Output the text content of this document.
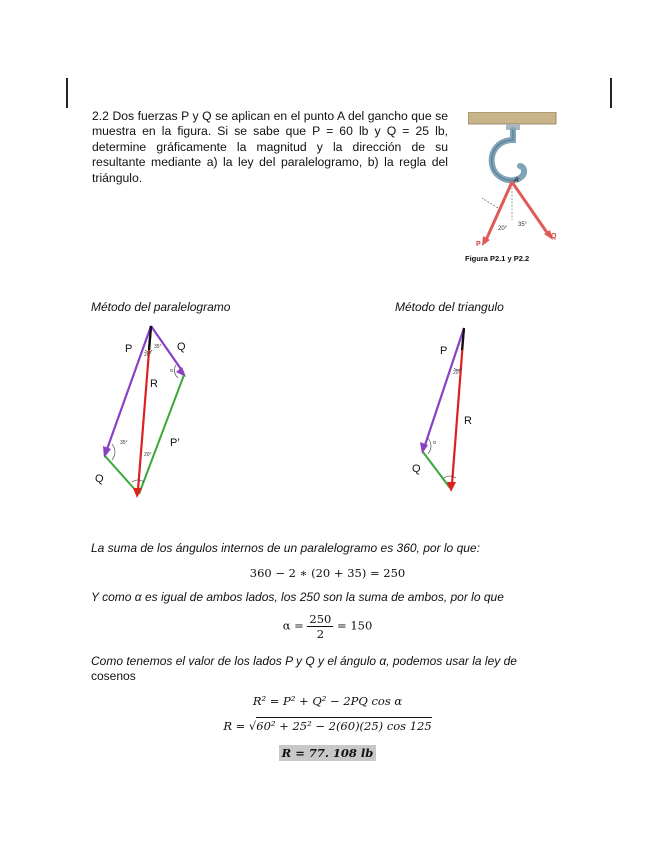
2.2 Dos fuerzas P y Q se aplican en el punto A del gancho que se muestra en la figura. Si se sabe que P = 60 lb y Q = 25 lb, determine gráficamente la magnitud y la dirección de su resultante mediante a) la ley del paralelogramo, b) la regla del triángulo.	A
P
Q
20°
35°
Figura P2.1 y P2.2
Método del paralelogramo	Método del triangulo
20°
35°
α
35°
20°
P	Q
R
P’
Q
20°
α
P
R
Q
La suma de los ángulos internos de un paralelogramo es 360, por lo que:
360 − 2 ∗ (20 + 35) = 250
Y como α es igual de ambos lados, los 250 son la suma de ambos, por lo que
$\alpha = \frac{250}{2} = 150$
Como tenemos el valor de los lados P y Q y el ángulo α, podemos usar la ley de
cosenos
R² = P² + Q² − 2PQ cos α
R = √60² + 25² − 2(60)(25) cos 125
R = 77. 108 lb
